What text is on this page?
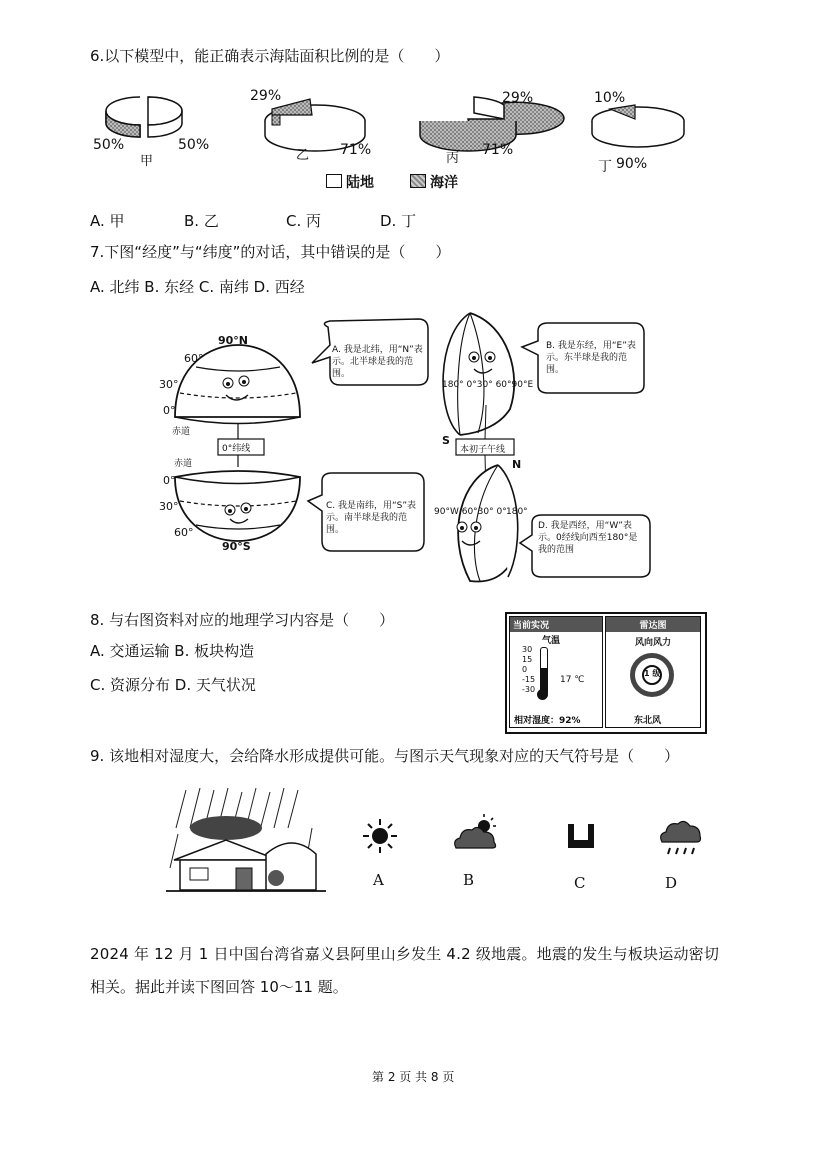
6.以下模型中，能正确表示海陆面积比例的是（　　）
50%	50%
甲
29%
乙 71%
29%
丙
71%
10%
丁 90%
陆地	海洋
A. 甲	B. 乙	C. 丙	D. 丁
7.下图“经度”与“纬度”的对话，其中错误的是（　　）
A. 北纬 B. 东经 C. 南纬 D. 西经
90°N
60°
30°
0°
赤道
A. 我是北纬，用“N”表示。北半球是我的范围。
0°纬线
赤道
0°
30°
60°
90°S
C. 我是南纬，用“S”表示。南半球是我的范围。
180° 0°30° 60°90°E
S
B. 我是东经，用“E”表示。东半球是我的范围。
本初子午线
N
90°W 60°30° 0° 180°
D. 我是西经，用“W”表示。0经线向西至180°是我的范围
8. 与右图资料对应的地理学习内容是（　　）
A. 交通运输 B. 板块构造
C. 资源分布 D. 天气状况
当前实况
气温
30
15
0
-15
-30
17 ℃
相对湿度：92%
雷达图
风向风力
1 级
东北风
9. 该地相对湿度大，会给降水形成提供可能。与图示天气现象对应的天气符号是（　　）
A	B	C	D
2024 年 12 月 1 日中国台湾省嘉义县阿里山乡发生 4.2 级地震。地震的发生与板块运动密切
相关。据此并读下图回答 10～11 题。
第 2 页 共 8 页
